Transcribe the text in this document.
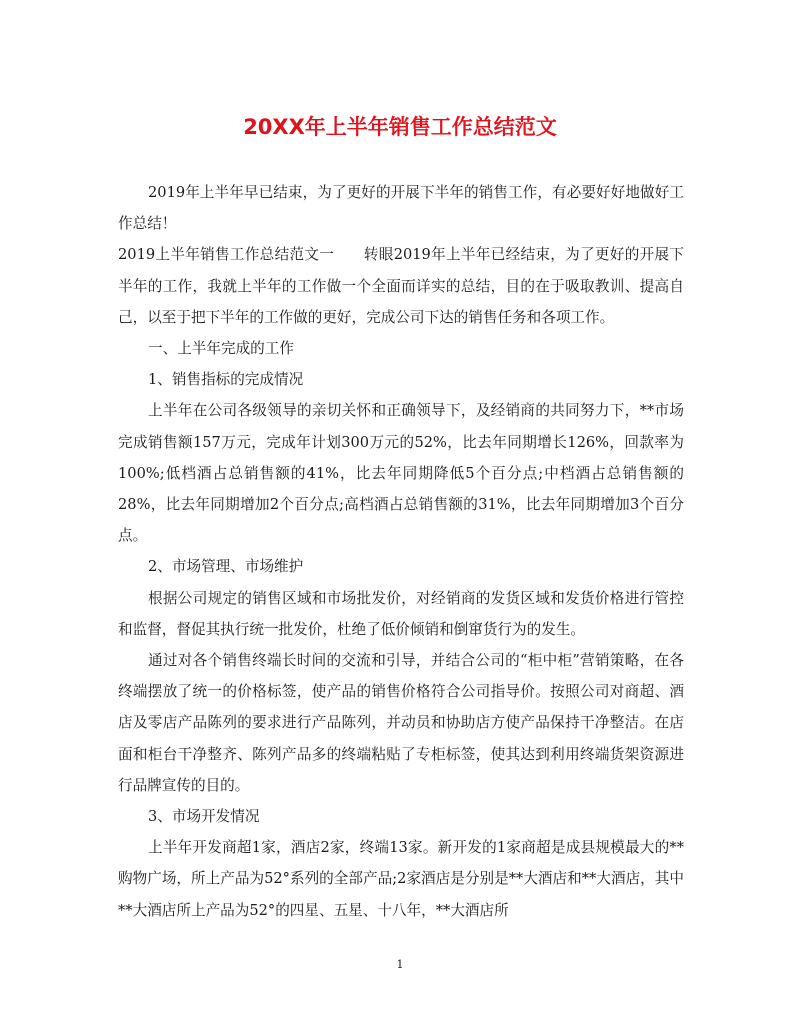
20XX年上半年销售工作总结范文

2019年上半年早已结束，为了更好的开展下半年的销售工作，有必要好好地做好工作总结！

2019上半年销售工作总结范文一　　转眼2019年上半年已经结束，为了更好的开展下半年的工作，我就上半年的工作做一个全面而详实的总结，目的在于吸取教训、提高自己，以至于把下半年的工作做的更好，完成公司下达的销售任务和各项工作。

一、上半年完成的工作

1、销售指标的完成情况

上半年在公司各级领导的亲切关怀和正确领导下，及经销商的共同努力下，**市场完成销售额157万元，完成年计划300万元的52%，比去年同期增长126%，回款率为100%;低档酒占总销售额的41%，比去年同期降低5个百分点;中档酒占总销售额的28%，比去年同期增加2个百分点;高档酒占总销售额的31%，比去年同期增加3个百分点。

2、市场管理、市场维护

根据公司规定的销售区域和市场批发价，对经销商的发货区域和发货价格进行管控和监督，督促其执行统一批发价，杜绝了低价倾销和倒窜货行为的发生。

通过对各个销售终端长时间的交流和引导，并结合公司的“柜中柜”营销策略，在各终端摆放了统一的价格标签，使产品的销售价格符合公司指导价。按照公司对商超、酒店及零店产品陈列的要求进行产品陈列，并动员和协助店方使产品保持干净整洁。在店面和柜台干净整齐、陈列产品多的终端粘贴了专柜标签，使其达到利用终端货架资源进行品牌宣传的目的。

3、市场开发情况

上半年开发商超1家，酒店2家，终端13家。新开发的1家商超是成县规模最大的**购物广场，所上产品为52°系列的全部产品;2家酒店是分别是**大酒店和**大酒店，其中**大酒店所上产品为52°的四星、五星、十八年，**大酒店所

1
